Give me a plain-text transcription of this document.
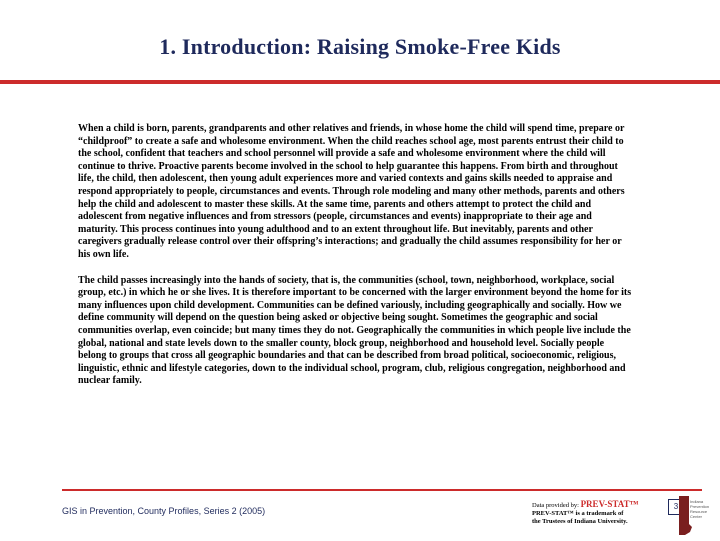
1. Introduction: Raising Smoke-Free Kids

When a child is born, parents, grandparents and other relatives and friends, in whose home the child will spend time, prepare or “childproof” to create a safe and wholesome environment. When the child reaches school age, most parents entrust their child to the school, confident that teachers and school personnel will provide a safe and wholesome environment where the child will continue to thrive. Proactive parents become involved in the school to help guarantee this happens. From birth and throughout life, the child, then adolescent, then young adult experiences more and varied contexts and gains skills needed to appraise and respond appropriately to people, circumstances and events. Through role modeling and many other methods, parents and others help the child and adolescent to master these skills. At the same time, parents and others attempt to protect the child and adolescent from negative influences and from stressors (people, circumstances and events) inappropriate to their age and maturity. This process continues into young adulthood and to an extent throughout life. But inevitably, parents and other caregivers gradually release control over their offspring’s interactions; and gradually the child assumes responsibility for her or his own life.

The child passes increasingly into the hands of society, that is, the communities (school, town, neighborhood, workplace, social group, etc.) in which he or she lives. It is therefore important to be concerned with the larger environment beyond the home for its many influences upon child development. Communities can be defined variously, including geographically and socially. How we define community will depend on the question being asked or objective being sought. Sometimes the geographic and social communities overlap, even coincide; but many times they do not. Geographically the communities in which people live include the global, national and state levels down to the smaller county, block group, neighborhood and household level. Socially people belong to groups that cross all geographic boundaries and that can be described from broad political, socioeconomic, religious, linguistic, ethnic and lifestyle categories, down to the individual school, program, club, religious congregation, neighborhood and nuclear family.

GIS in Prevention, County Profiles, Series 2 (2005)
Data provided by: PREV-STAT™
PREV-STAT™ is a trademark of
the Trustees of Indiana University.
3
Indiana Prevention Resource Center
